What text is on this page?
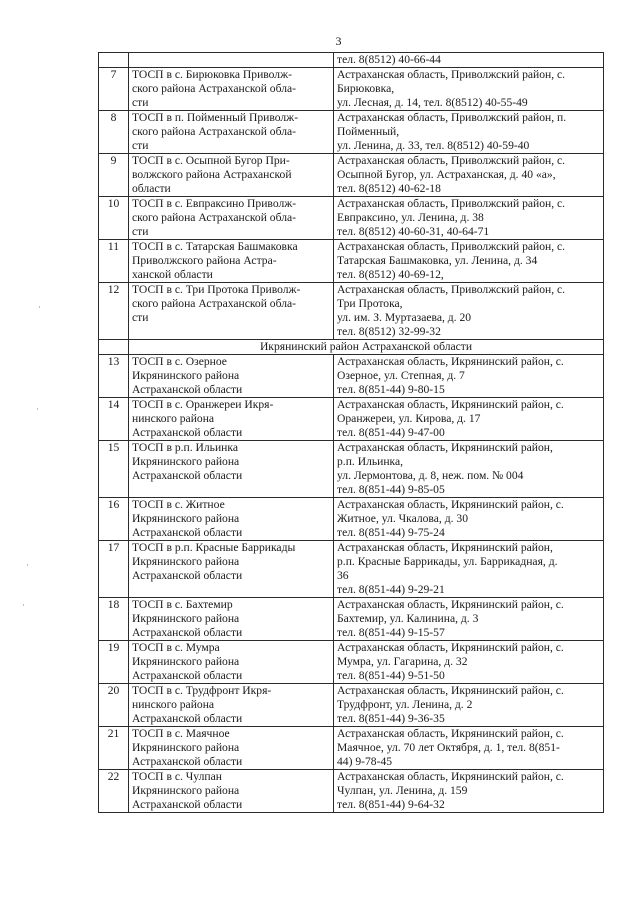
3
·
·
·
·

		тел. 8(8512) 40-66-44

7	ТОСП в с. Бирюковка Приволж-
ского района Астраханской обла-
сти	Астраханская область, Приволжский район, с.
Бирюковка,
ул. Лесная, д. 14, тел. 8(8512) 40-55-49

8	ТОСП в п. Пойменный Приволж-
ского района Астраханской обла-
сти	Астраханская область, Приволжский район, п.
Пойменный,
ул. Ленина, д. 33, тел. 8(8512) 40-59-40

9	ТОСП в с. Осыпной Бугор При-
волжского района Астраханской
области	Астраханская область, Приволжский район, с.
Осыпной Бугор, ул. Астраханская, д. 40 «а»,
тел. 8(8512) 40-62-18

10	ТОСП в с. Евпраксино Приволж-
ского района Астраханской обла-
сти	Астраханская область, Приволжский район, с.
Евпраксино, ул. Ленина, д. 38
тел. 8(8512) 40-60-31, 40-64-71

11	ТОСП в с. Татарская Башмаковка
Приволжского района Астра-
ханской области	Астраханская область, Приволжский район, с.
Татарская Башмаковка, ул. Ленина, д. 34
тел. 8(8512) 40-69-12,

12	ТОСП в с. Три Протока Приволж-
ского района Астраханской обла-
сти	Астраханская область, Приволжский район, с.
Три Протока,
ул. им. З. Муртазаева, д. 20
тел. 8(8512) 32-99-32

	Икрянинский район Астраханской области	
13	ТОСП в с. Озерное
Икрянинского района
Астраханской области	Астраханская область, Икрянинский район, с.
Озерное, ул. Степная, д. 7
тел. 8(851-44) 9-80-15

14	ТОСП в с. Оранжереи Икря-
нинского района
Астраханской области	Астраханская область, Икрянинский район, с.
Оранжереи, ул. Кирова, д. 17
тел. 8(851-44) 9-47-00

15	ТОСП в р.п. Ильинка
Икрянинского района
Астраханской области	Астраханская область, Икрянинский район,
р.п. Ильинка,
ул. Лермонтова, д. 8, неж. пом. № 004
тел. 8(851-44) 9-85-05

16	ТОСП в с. Житное
Икрянинского района
Астраханской области	Астраханская область, Икрянинский район, с.
Житное, ул. Чкалова, д. 30
тел. 8(851-44) 9-75-24

17	ТОСП в р.п. Красные Баррикады
Икрянинского района
Астраханской области	Астраханская область, Икрянинский район,
р.п. Красные Баррикады, ул. Баррикадная, д.
36
тел. 8(851-44) 9-29-21

18	ТОСП в с. Бахтемир
Икрянинского района
Астраханской области	Астраханская область, Икрянинский район, с.
Бахтемир, ул. Калинина, д. 3
тел. 8(851-44) 9-15-57

19	ТОСП в с. Мумра
Икрянинского района
Астраханской области	Астраханская область, Икрянинский район, с.
Мумра, ул. Гагарина, д. 32
тел. 8(851-44) 9-51-50

20	ТОСП в с. Трудфронт Икря-
нинского района
Астраханской области	Астраханская область, Икрянинский район, с.
Трудфронт, ул. Ленина, д. 2
тел. 8(851-44) 9-36-35

21	ТОСП в с. Маячное
Икрянинского района
Астраханской области	Астраханская область, Икрянинский район, с.
Маячное, ул. 70 лет Октября, д. 1, тел. 8(851-
44) 9-78-45

22	ТОСП в с. Чулпан
Икрянинского района
Астраханской области	Астраханская область, Икрянинский район, с.
Чулпан, ул. Ленина, д. 159
тел. 8(851-44) 9-64-32
